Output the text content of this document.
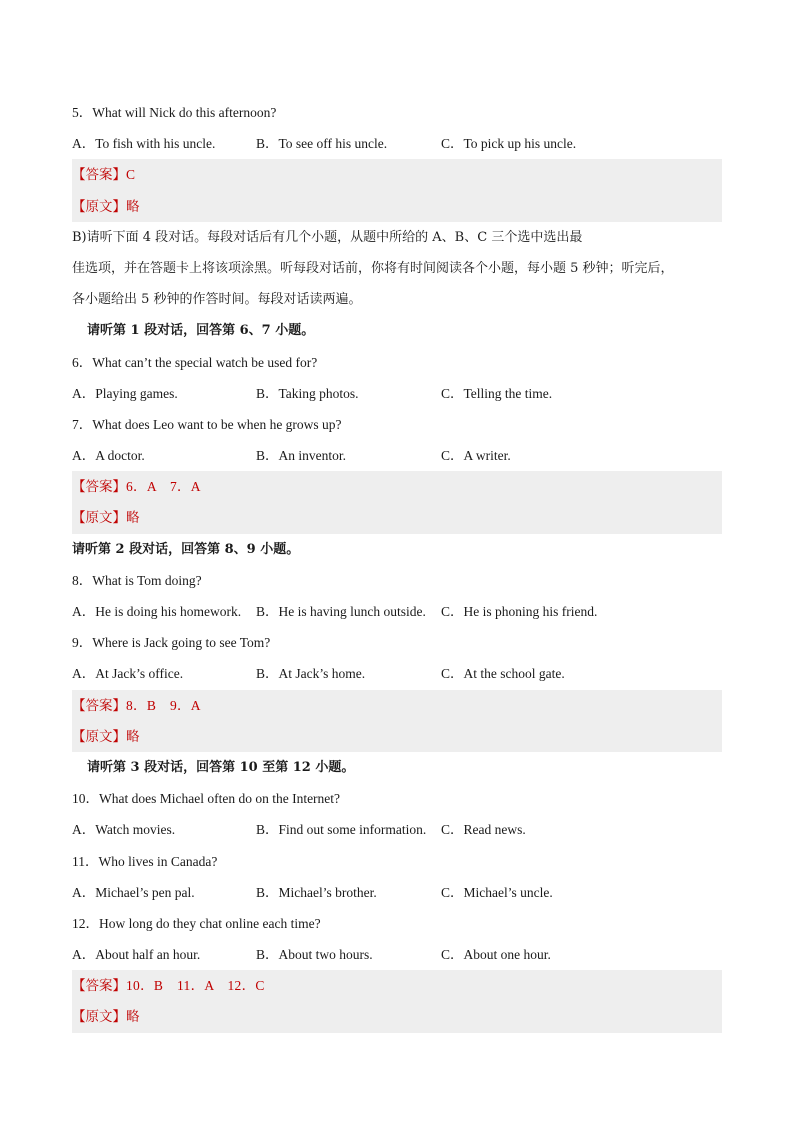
5．What will Nick do this afternoon?
A．To fish with his uncle.	B．To see off his uncle.	C．To pick up his uncle.
【答案】C
【原文】略
B)请听下面 4 段对话。每段对话后有几个小题，从题中所给的 A、B、C 三个选中选出最
佳选项，并在答题卡上将该项涂黑。听每段对话前，你将有时间阅读各个小题，每小题 5 秒钟；听完后，
各小题给出 5 秒钟的作答时间。每段对话读两遍。
请听第 1 段对话，回答第 6、7 小题。
6．What can’t the special watch be used for?
A．Playing games.	B．Taking photos.	C．Telling the time.
7．What does Leo want to be when he grows up?
A．A doctor.	B．An inventor.	C．A writer.
【答案】6．A　7．A
【原文】略
请听第 2 段对话，回答第 8、9 小题。
8．What is Tom doing?
A．He is doing his homework.	B．He is having lunch outside.	C．He is phoning his friend.
9．Where is Jack going to see Tom?
A．At Jack’s office.	B．At Jack’s home.	C．At the school gate.
【答案】8．B　9．A
【原文】略
请听第 3 段对话，回答第 10 至第 12 小题。
10．What does Michael often do on the Internet?
A．Watch movies.	B．Find out some information.	C．Read news.
11．Who lives in Canada?
A．Michael’s pen pal.	B．Michael’s brother.	C．Michael’s uncle.
12．How long do they chat online each time?
A．About half an hour.	B．About two hours.	C．About one hour.
【答案】10．B　11．A　12．C
【原文】略
